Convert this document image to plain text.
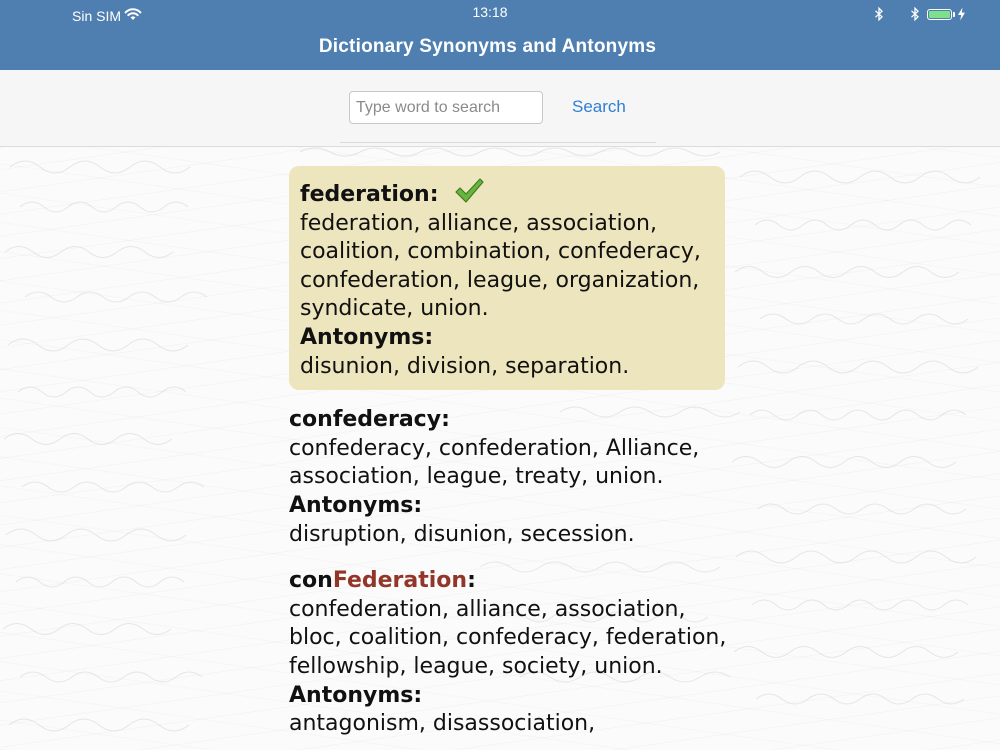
Sin SIM	13:18
Dictionary Synonyms and Antonyms
Type word to search
Search
federation:
federation, alliance, association, coalition, combination, confederacy, confederation, league, organization, syndicate, union.
Antonyms:
disunion, division, separation.
confederacy:
confederacy, confederation, Alliance, association, league, treaty, union.
Antonyms:
disruption, disunion, secession.
conFederation:
confederation, alliance, association, bloc, coalition, confederacy, federation, fellowship, league, society, union.
Antonyms:
antagonism, disassociation,
